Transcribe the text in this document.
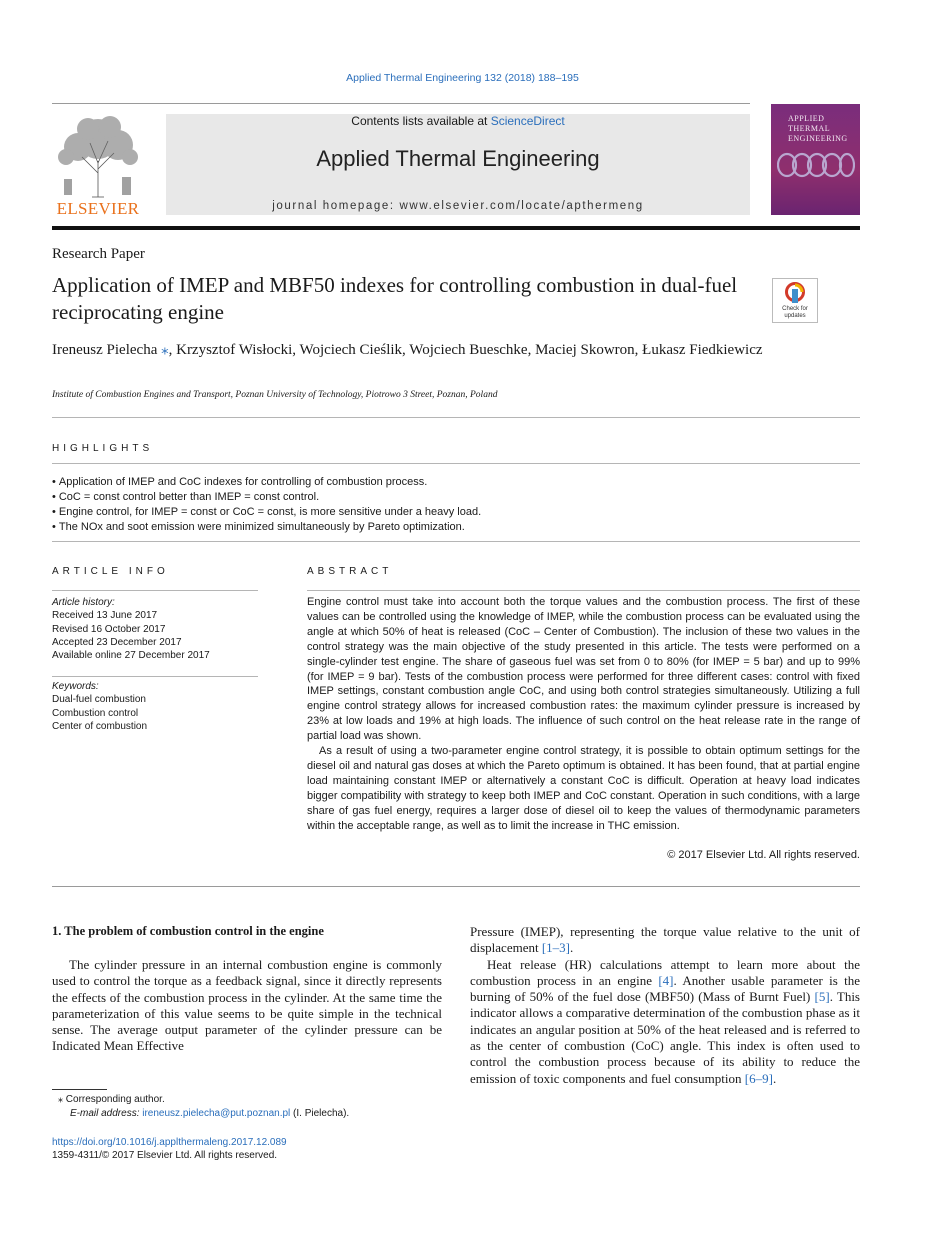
Applied Thermal Engineering 132 (2018) 188–195
ELSEVIER
Contents lists available at ScienceDirect
Applied Thermal Engineering
journal homepage: www.elsevier.com/locate/apthermeng
APPLIED
THERMAL
ENGINEERING
Research Paper
Application of IMEP and MBF50 indexes for controlling combustion in dual-fuel reciprocating engine	Check for
updates
Ireneusz Pielecha ⁎, Krzysztof Wisłocki, Wojciech Cieślik, Wojciech Bueschke, Maciej Skowron, Łukasz Fiedkiewicz
Institute of Combustion Engines and Transport, Poznan University of Technology, Piotrowo 3 Street, Poznan, Poland
HIGHLIGHTS
• Application of IMEP and CoC indexes for controlling of combustion process.
• CoC = const control better than IMEP = const control.
• Engine control, for IMEP = const or CoC = const, is more sensitive under a heavy load.
• The NOx and soot emission were minimized simultaneously by Pareto optimization.
ARTICLE INFO
Article history:
Received 13 June 2017
Revised 16 October 2017
Accepted 23 December 2017
Available online 27 December 2017
Keywords:
Dual-fuel combustion
Combustion control
Center of combustion
ABSTRACT

Engine control must take into account both the torque values and the combustion process. The first of these values can be controlled using the knowledge of IMEP, while the combustion process can be evaluated using the angle at which 50% of heat is released (CoC – Center of Combustion). The inclusion of these two values in the control strategy was the main objective of the study presented in this article. The tests were performed on a single-cylinder test engine. The share of gaseous fuel was set from 0 to 80% (for IMEP = 5 bar) and up to 99% (for IMEP = 9 bar). Tests of the combustion process were performed for three different cases: control with fixed IMEP settings, constant combustion angle CoC, and using both control strategies simultaneously. Utilizing a full engine control strategy allows for increased combustion rates: the maximum cylinder pressure is increased by 23% at low loads and 19% at high loads. The influence of such control on the heat release rate in the range of partial load was shown.

As a result of using a two-parameter engine control strategy, it is possible to obtain optimum settings for the diesel oil and natural gas doses at which the Pareto optimum is obtained. It has been found, that at partial engine load maintaining constant IMEP or alternatively a constant CoC is difficult. Operation at heavy load indicates bigger compatibility with strategy to keep both IMEP and CoC constant. Operation in such conditions, with a large share of gas fuel energy, requires a larger dose of diesel oil to keep the values of thermodynamic parameters within the acceptable range, as well as to limit the increase in THC emission.

© 2017 Elsevier Ltd. All rights reserved.
1. The problem of combustion control in the engine
The cylinder pressure in an internal combustion engine is commonly used to control the torque as a feedback signal, since it directly represents the effects of the combustion process in the cylinder. At the same time the parameterization of this value seems to be quite simple in the technical sense. The average output parameter of the cylinder pressure can be Indicated Mean Effective
Pressure (IMEP), representing the torque value relative to the unit of displacement [1–3].
Heat release (HR) calculations attempt to learn more about the combustion process in an engine [4]. Another usable parameter is the burning of 50% of the fuel dose (MBF50) (Mass of Burnt Fuel) [5]. This indicator allows a comparative determination of the combustion phase as it indicates an angular position at 50% of the heat released and is referred to as the center of combustion (CoC) angle. This index is often used to control the combustion process because of its ability to reduce the emission of toxic components and fuel consumption [6–9].
⁎ Corresponding author.
E-mail address: ireneusz.pielecha@put.poznan.pl (I. Pielecha).
https://doi.org/10.1016/j.applthermaleng.2017.12.089
1359-4311/© 2017 Elsevier Ltd. All rights reserved.
